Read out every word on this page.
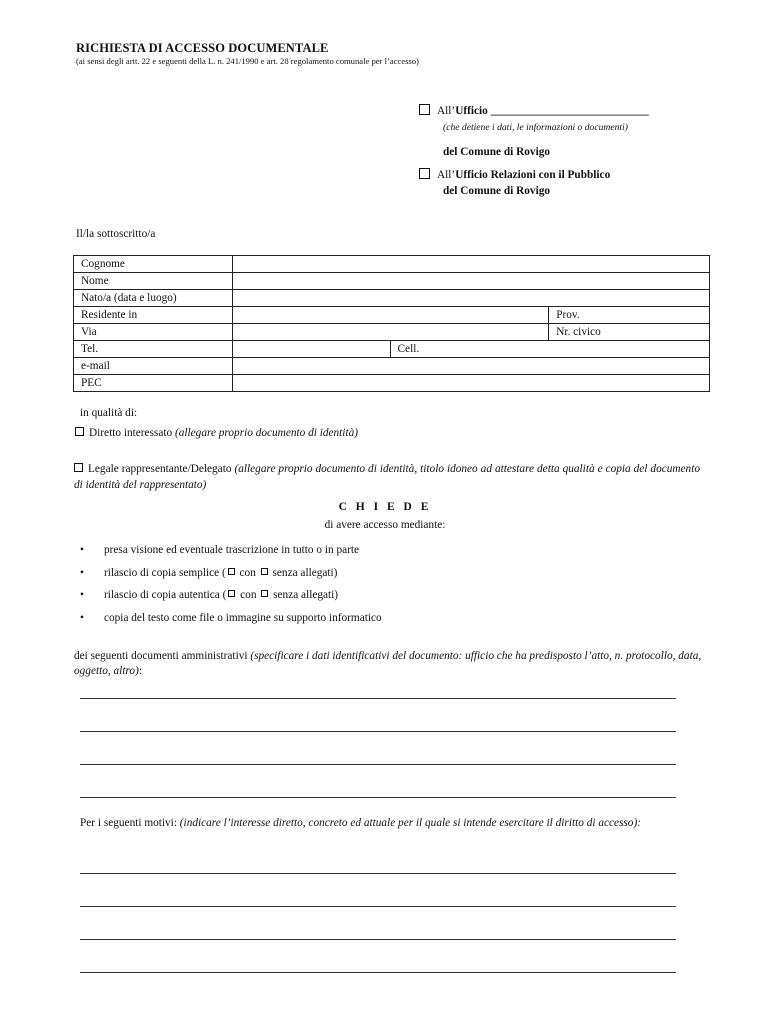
RICHIESTA DI ACCESSO DOCUMENTALE
(ai sensi degli artt. 22 e seguenti della L. n. 241/1990 e art. 28 regolamento comunale per l’accesso)
All’Ufficio ____________________________
(che detiene i dati, le informazioni o documenti)
del Comune di Rovigo
All’Ufficio Relazioni con il Pubblico
del Comune di Rovigo
Il/la sottoscritto/a
Cognome			
Nome			
Nato/a (data e luogo)			
Residente in			Prov.
Via			Nr. civico
Tel.		Cell.	
e-mail			
PEC			
in qualità di:
Diretto interessato (allegare proprio documento di identità)
Legale rappresentante/Delegato (allegare proprio documento di identità, titolo idoneo ad attestare detta qualità e copia del documento di identità del rappresentato)
C H I E D E
di avere accesso mediante:
• presa visione ed eventuale trascrizione in tutto o in parte
• rilascio di copia semplice ( con senza allegati)
• rilascio di copia autentica ( con senza allegati)
• copia del testo come file o immagine su supporto informatico
dei seguenti documenti amministrativi (specificare i dati identificativi del documento: ufficio che ha predisposto l’atto, n. protocollo, data, oggetto, altro):
Per i seguenti motivi: (indicare l’interesse diretto, concreto ed attuale per il quale si intende esercitare il diritto di accesso):
